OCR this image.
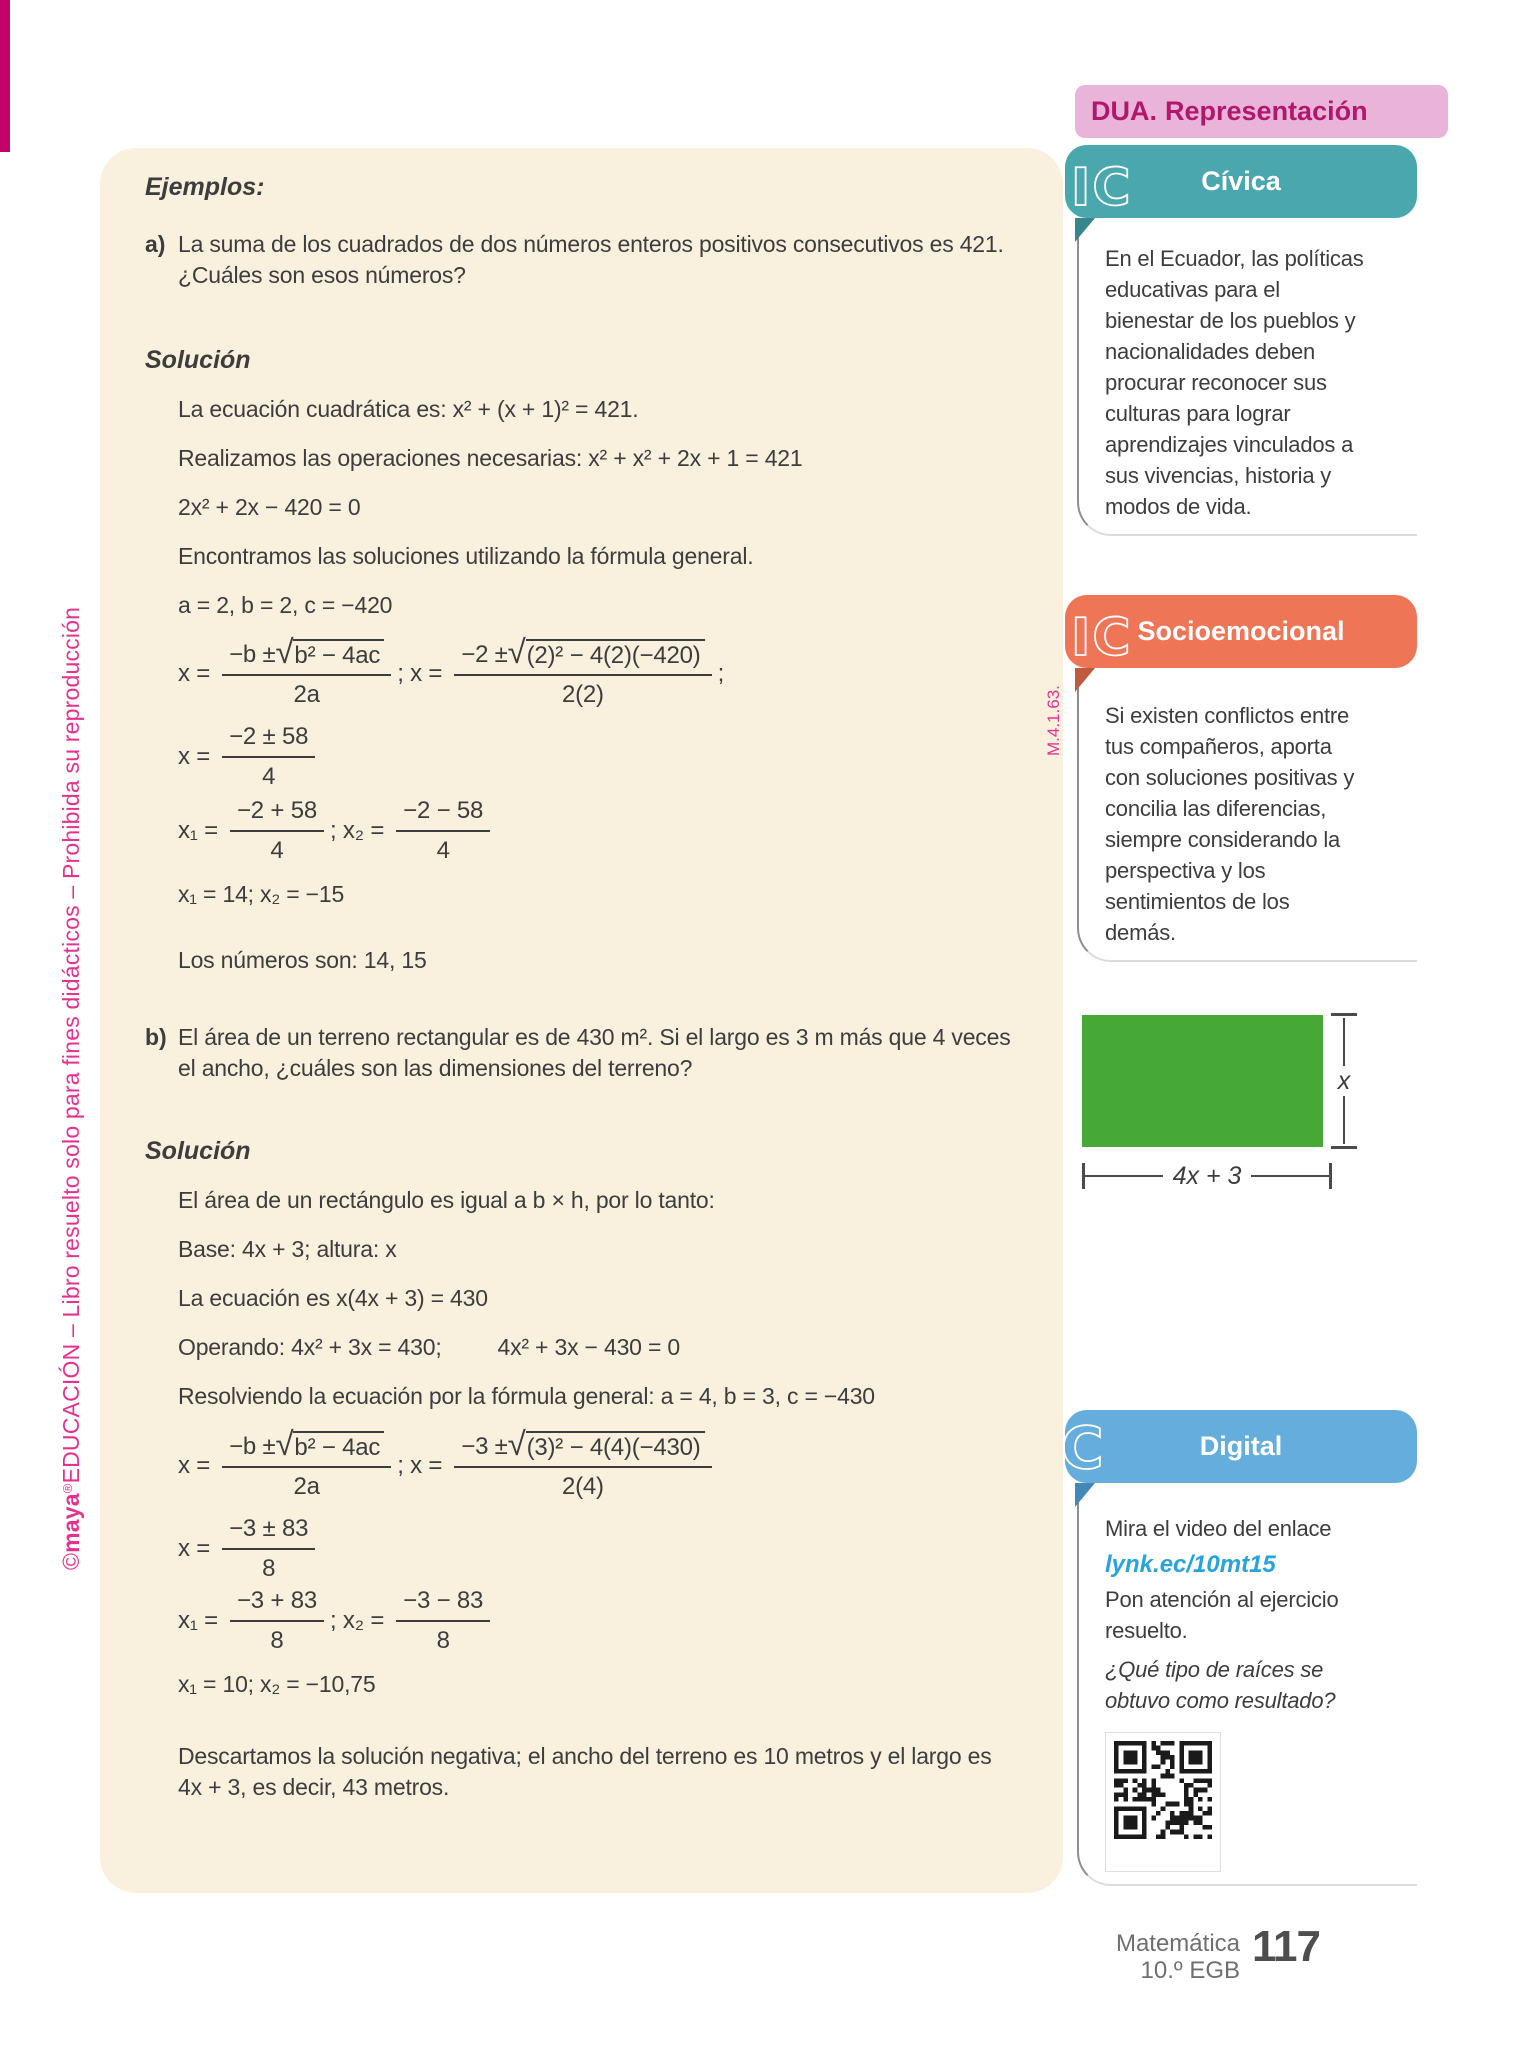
©maya®EDUCACIÓN – Libro resuelto solo para fines didácticos – Prohibida su reproducción
Ejemplos:
a) La suma de los cuadrados de dos números enteros positivos consecutivos es 421.
¿Cuáles son esos números?
Solución
La ecuación cuadrática es: x² + (x + 1)² = 421.
Realizamos las operaciones necesarias: x² + x² + 2x + 1 = 421
2x² + 2x − 420 = 0
Encontramos las soluciones utilizando la fórmula general.
a = 2, b = 2, c = −420
$x = \frac{\text{−b ± √ b² − 4ac}}{2a}$ ; $x = \frac{\text{−2 ± √ (2)² − 4(2)(−420)}}{2(2)}$ ;
$x = \frac{-2 \pm 58}{4}$
$x_1 = \frac{-2 + 58}{4}$ ; $x_2 = \frac{-2 - 58}{4}$
x₁ = 14; x₂ = −15
Los números son: 14, 15
b) El área de un terreno rectangular es de 430 m². Si el largo es 3 m más que 4 veces
el ancho, ¿cuáles son las dimensiones del terreno?
Solución
El área de un rectángulo es igual a b × h, por lo tanto:
Base: 4x + 3; altura: x
La ecuación es x(4x + 3) = 430
Operando: 4x² + 3x = 430; 4x² + 3x − 430 = 0
Resolviendo la ecuación por la fórmula general: a = 4, b = 3, c = −430
$x = \frac{\text{−b ± √ b² − 4ac}}{2a}$ ; $x = \frac{\text{−3 ± √ (3)² − 4(4)(−430)}}{2(4)}$
$x = \frac{-3 \pm 83}{8}$
$x_1 = \frac{-3 + 83}{8}$ ; $x_2 = \frac{-3 - 83}{8}$
x₁ = 10; x₂ = −10,75
Descartamos la solución negativa; el ancho del terreno es 10 metros y el largo es
4x + 3, es decir, 43 metros.
DUA. Representación
IC	Cívica
En el Ecuador, las políticas
educativas para el
bienestar de los pueblos y
nacionalidades deben
procurar reconocer sus
culturas para lograr
aprendizajes vinculados a
sus vivencias, historia y
modos de vida.
M.4.1.63.
IC Socioemocional
Si existen conflictos entre
tus compañeros, aporta
con soluciones positivas y
concilia las diferencias,
siempre considerando la
perspectiva y los
sentimientos de los
demás.
x
4x + 3
C	Digital
Mira el video del enlace
lynk.ec/10mt15
Pon atención al ejercicio
resuelto.
¿Qué tipo de raíces se
obtuvo como resultado?
Matemática
10.º EGB 117
